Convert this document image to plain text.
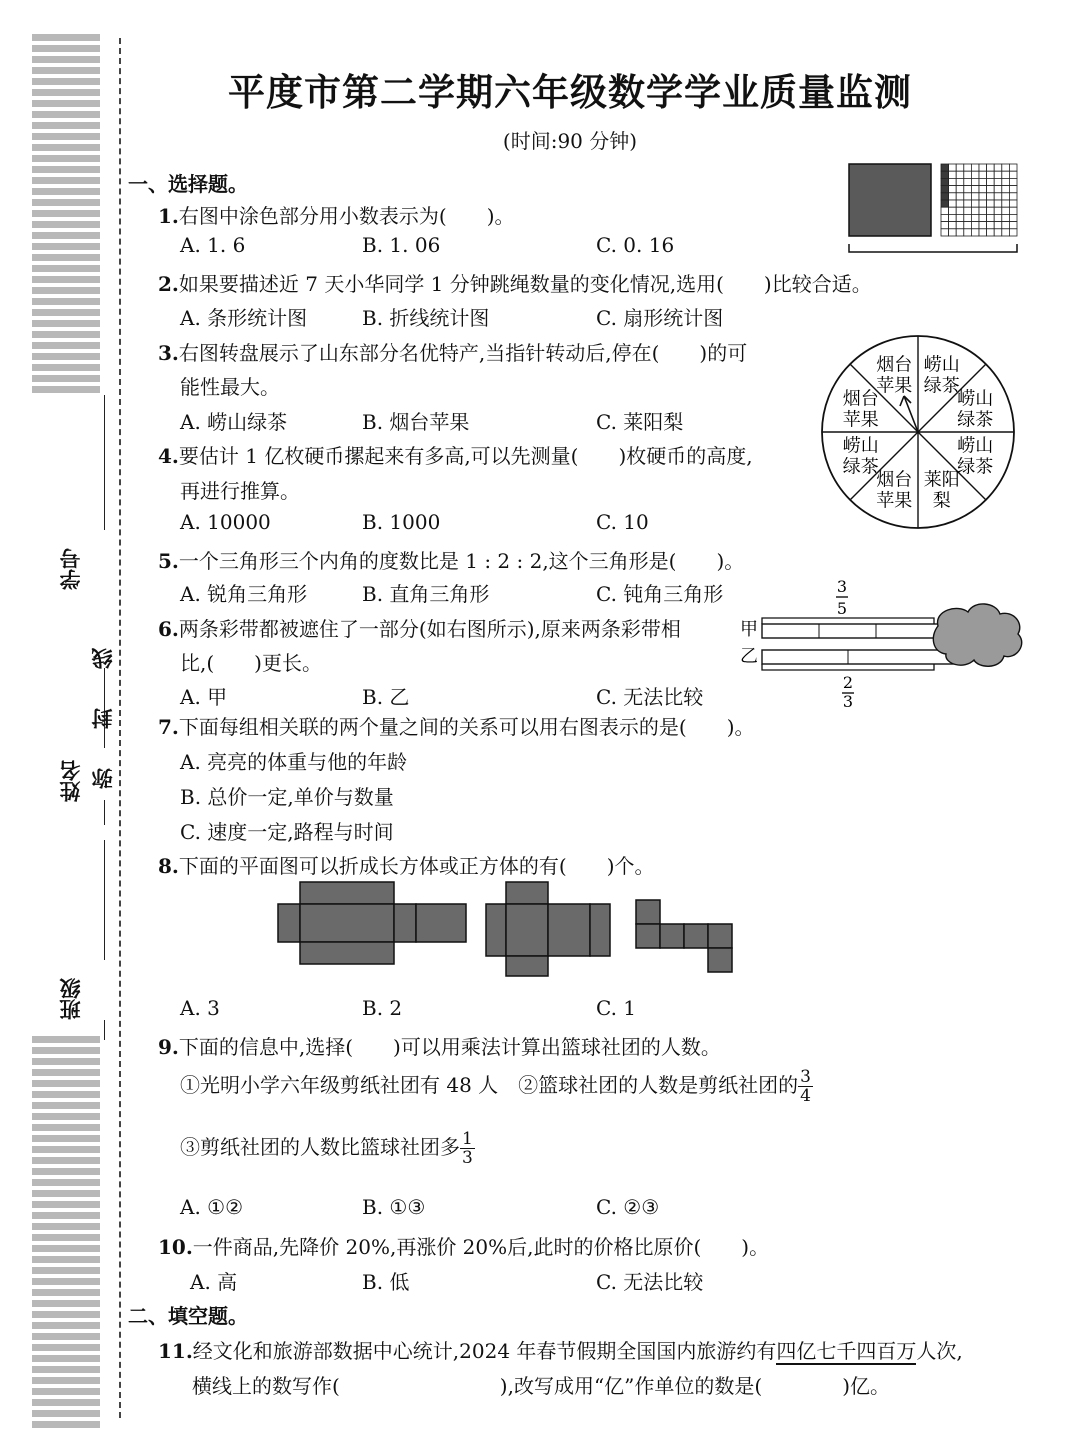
学号
姓名
班级
线
封
弥
平度市第二学期六年级数学学业质量监测
(时间:90 分钟)
一、选择题。
1.右图中涂色部分用小数表示为(　　)。
A. 1. 6	B. 1. 06	C. 0. 16
2.如果要描述近 7 天小华同学 1 分钟跳绳数量的变化情况,选用(　　)比较合适。
A. 条形统计图	B. 折线统计图	C. 扇形统计图
3.右图转盘展示了山东部分名优特产,当指针转动后,停在(　　)的可
能性最大。
A. 崂山绿茶	B. 烟台苹果	C. 莱阳梨
崂山
绿茶
崂山
绿茶
崂山
绿茶
莱阳
梨
烟台
苹果
崂山
绿茶
烟台
苹果
烟台
苹果
4.要估计 1 亿枚硬币摞起来有多高,可以先测量(　　)枚硬币的高度,
再进行推算。
A. 10000	B. 1000	C. 10
5.一个三角形三个内角的度数比是 1 : 2 : 2,这个三角形是(　　)。
A. 锐角三角形	B. 直角三角形	C. 钝角三角形	3
5
甲
乙
2
3
6.两条彩带都被遮住了一部分(如右图所示),原来两条彩带相
比,(　　)更长。
A. 甲	B. 乙	C. 无法比较
7.下面每组相关联的两个量之间的关系可以用右图表示的是(　　)。
A. 亮亮的体重与他的年龄
B. 总价一定,单价与数量
C. 速度一定,路程与时间
8.下面的平面图可以折成长方体或正方体的有(　　)个。
A. 3	B. 2	C. 1
9.下面的信息中,选择(　　)可以用乘法计算出篮球社团的人数。
①光明小学六年级剪纸社团有 48 人　 ②篮球社团的人数是剪纸社团的 $\frac{3}{4}$
③剪纸社团的人数比篮球社团多 $\frac{1}{3}$
A. ①②	B. ①③	C. ②③
10.一件商品,先降价 20%,再涨价 20%后,此时的价格比原价(　　)。
A. 高	B. 低	C. 无法比较
二、填空题。
11.经文化和旅游部数据中心统计,2024 年春节假期全国国内旅游约有四亿七千四百万人次,
横线上的数写作(　　　　　　　　),改写成用“亿”作单位的数是(　　　　)亿。
